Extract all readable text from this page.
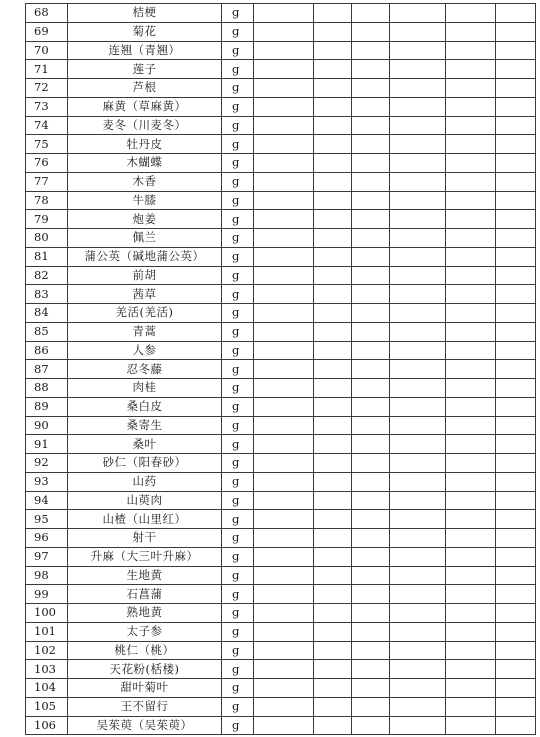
68	桔梗	g						
69	菊花	g						
70	连翘（青翘）	g						
71	莲子	g						
72	芦根	g						
73	麻黄（草麻黄）	g						
74	麦冬（川麦冬）	g						
75	牡丹皮	g						
76	木蝴蝶	g						
77	木香	g						
78	牛膝	g						
79	炮姜	g						
80	佩兰	g						
81	蒲公英（碱地蒲公英）	g						
82	前胡	g						
83	茜草	g						
84	羌活(羌活)	g						
85	青蒿	g						
86	人参	g						
87	忍冬藤	g						
88	肉桂	g						
89	桑白皮	g						
90	桑寄生	g						
91	桑叶	g						
92	砂仁（阳春砂）	g						
93	山药	g						
94	山萸肉	g						
95	山楂（山里红）	g						
96	射干	g						
97	升麻（大三叶升麻）	g						
98	生地黄	g						
99	石菖蒲	g						
100	熟地黄	g						
101	太子参	g						
102	桃仁（桃）	g						
103	天花粉(栝楼)	g						
104	甜叶菊叶	g						
105	王不留行	g						
106	吴茱萸（吴茱萸）	g						
